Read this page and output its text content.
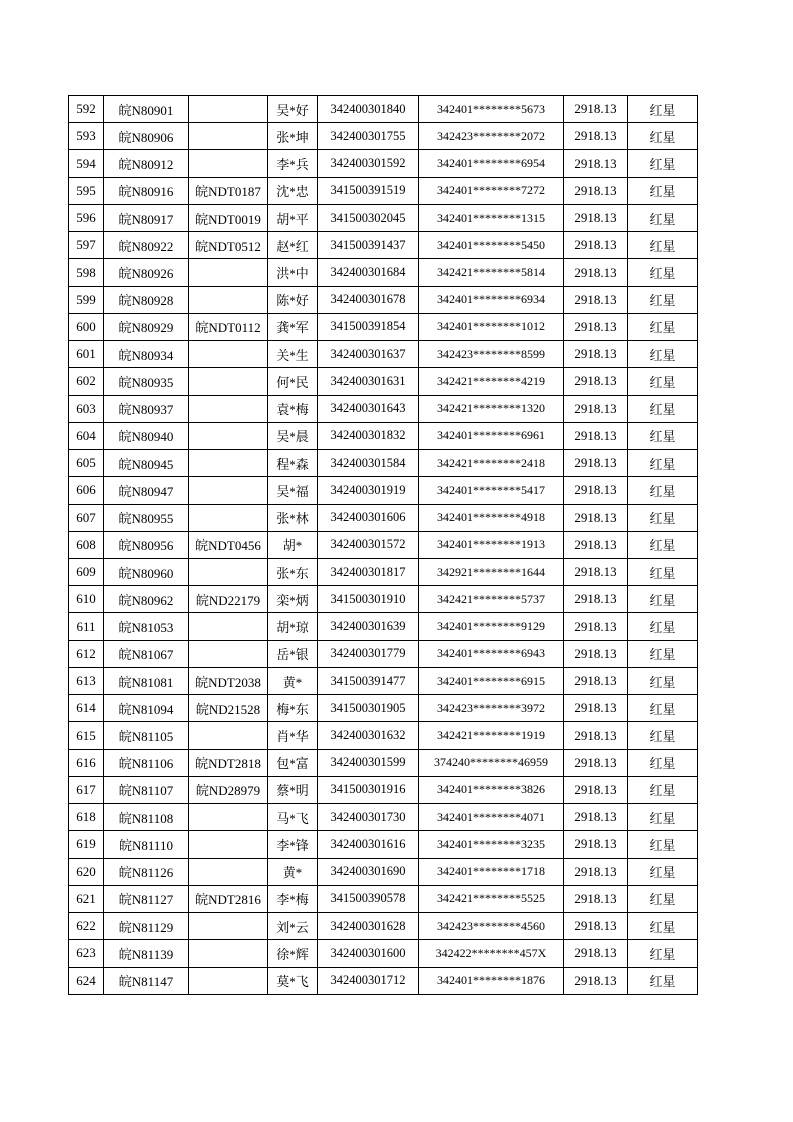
592	皖N80901		吴*好	342400301840	342401********5673	2918.13	红星
593	皖N80906		张*坤	342400301755	342423********2072	2918.13	红星
594	皖N80912		李*兵	342400301592	342401********6954	2918.13	红星
595	皖N80916	皖NDT0187	沈*忠	341500391519	342401********7272	2918.13	红星
596	皖N80917	皖NDT0019	胡*平	341500302045	342401********1315	2918.13	红星
597	皖N80922	皖NDT0512	赵*红	341500391437	342401********5450	2918.13	红星
598	皖N80926		洪*中	342400301684	342421********5814	2918.13	红星
599	皖N80928		陈*好	342400301678	342401********6934	2918.13	红星
600	皖N80929	皖NDT0112	龚*军	341500391854	342401********1012	2918.13	红星
601	皖N80934		关*生	342400301637	342423********8599	2918.13	红星
602	皖N80935		何*民	342400301631	342421********4219	2918.13	红星
603	皖N80937		袁*梅	342400301643	342421********1320	2918.13	红星
604	皖N80940		吴*晨	342400301832	342401********6961	2918.13	红星
605	皖N80945		程*森	342400301584	342421********2418	2918.13	红星
606	皖N80947		吴*福	342400301919	342401********5417	2918.13	红星
607	皖N80955		张*林	342400301606	342401********4918	2918.13	红星
608	皖N80956	皖NDT0456	胡*	342400301572	342401********1913	2918.13	红星
609	皖N80960		张*东	342400301817	342921********1644	2918.13	红星
610	皖N80962	皖ND22179	栾*炳	341500301910	342421********5737	2918.13	红星
611	皖N81053		胡*琼	342400301639	342401********9129	2918.13	红星
612	皖N81067		岳*银	342400301779	342401********6943	2918.13	红星
613	皖N81081	皖NDT2038	黄*	341500391477	342401********6915	2918.13	红星
614	皖N81094	皖ND21528	梅*东	341500301905	342423********3972	2918.13	红星
615	皖N81105		肖*华	342400301632	342421********1919	2918.13	红星
616	皖N81106	皖NDT2818	包*富	342400301599	374240********46959	2918.13	红星
617	皖N81107	皖ND28979	蔡*明	341500301916	342401********3826	2918.13	红星
618	皖N81108		马*飞	342400301730	342401********4071	2918.13	红星
619	皖N81110		李*锋	342400301616	342401********3235	2918.13	红星
620	皖N81126		黄*	342400301690	342401********1718	2918.13	红星
621	皖N81127	皖NDT2816	李*梅	341500390578	342421********5525	2918.13	红星
622	皖N81129		刘*云	342400301628	342423********4560	2918.13	红星
623	皖N81139		徐*辉	342400301600	342422********457X	2918.13	红星
624	皖N81147		莫*飞	342400301712	342401********1876	2918.13	红星
